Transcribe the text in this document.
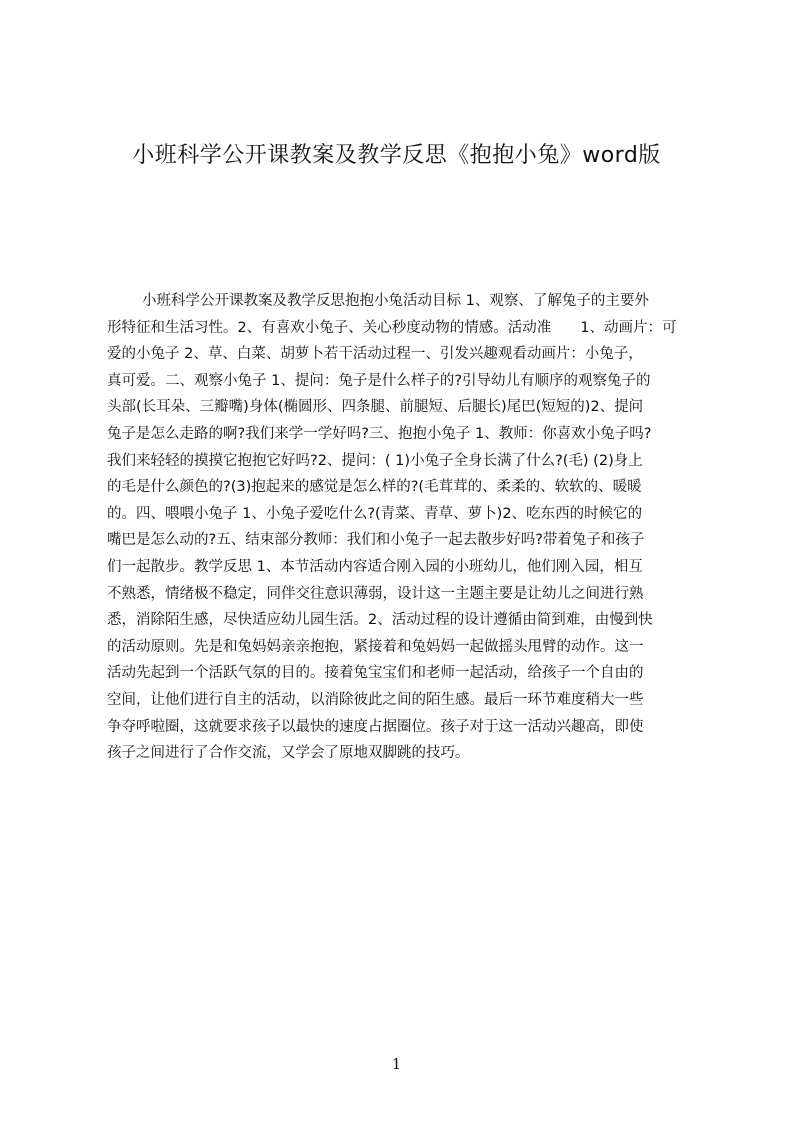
小班科学公开课教案及教学反思《抱抱小兔》word版
小班科学公开课教案及教学反思抱抱小兔活动目标 1、观察、了解兔子的主要外
形特征和生活习性。2、有喜欢小兔子、关心秒度动物的情感。活动准　　1、动画片：可
爱的小兔子 2、草、白菜、胡萝卜若干活动过程一、引发兴趣观看动画片：小兔子，
真可爱。二、观察小兔子 1、提问：兔子是什么样子的?引导幼儿有顺序的观察兔子的
头部(长耳朵、三瓣嘴)身体(椭圆形、四条腿、前腿短、后腿长)尾巴(短短的)2、提问
兔子是怎么走路的啊?我们来学一学好吗?三、抱抱小兔子 1、教师：你喜欢小兔子吗?
我们来轻轻的摸摸它抱抱它好吗?2、提问：( 1)小兔子全身长满了什么?(毛) (2)身上
的毛是什么颜色的?(3)抱起来的感觉是怎么样的?(毛茸茸的、柔柔的、软软的、暖暖
的。四、喂喂小兔子 1、小兔子爱吃什么?(青菜、青草、萝卜)2、吃东西的时候它的
嘴巴是怎么动的?五、结束部分教师：我们和小兔子一起去散步好吗?带着兔子和孩子
们一起散步。教学反思 1、本节活动内容适合刚入园的小班幼儿，他们刚入园，相互
不熟悉，情绪极不稳定，同伴交往意识薄弱，设计这一主题主要是让幼儿之间进行熟
悉，消除陌生感，尽快适应幼儿园生活。2、活动过程的设计遵循由简到难，由慢到快
的活动原则。先是和兔妈妈亲亲抱抱，紧接着和兔妈妈一起做摇头甩臂的动作。这一
活动先起到一个活跃气氛的目的。接着兔宝宝们和老师一起活动，给孩子一个自由的
空间，让他们进行自主的活动，以消除彼此之间的陌生感。最后一环节难度稍大一些
争夺呼啦圈，这就要求孩子以最快的速度占据圈位。孩子对于这一活动兴趣高，即使
孩子之间进行了合作交流，又学会了原地双脚跳的技巧。
1
